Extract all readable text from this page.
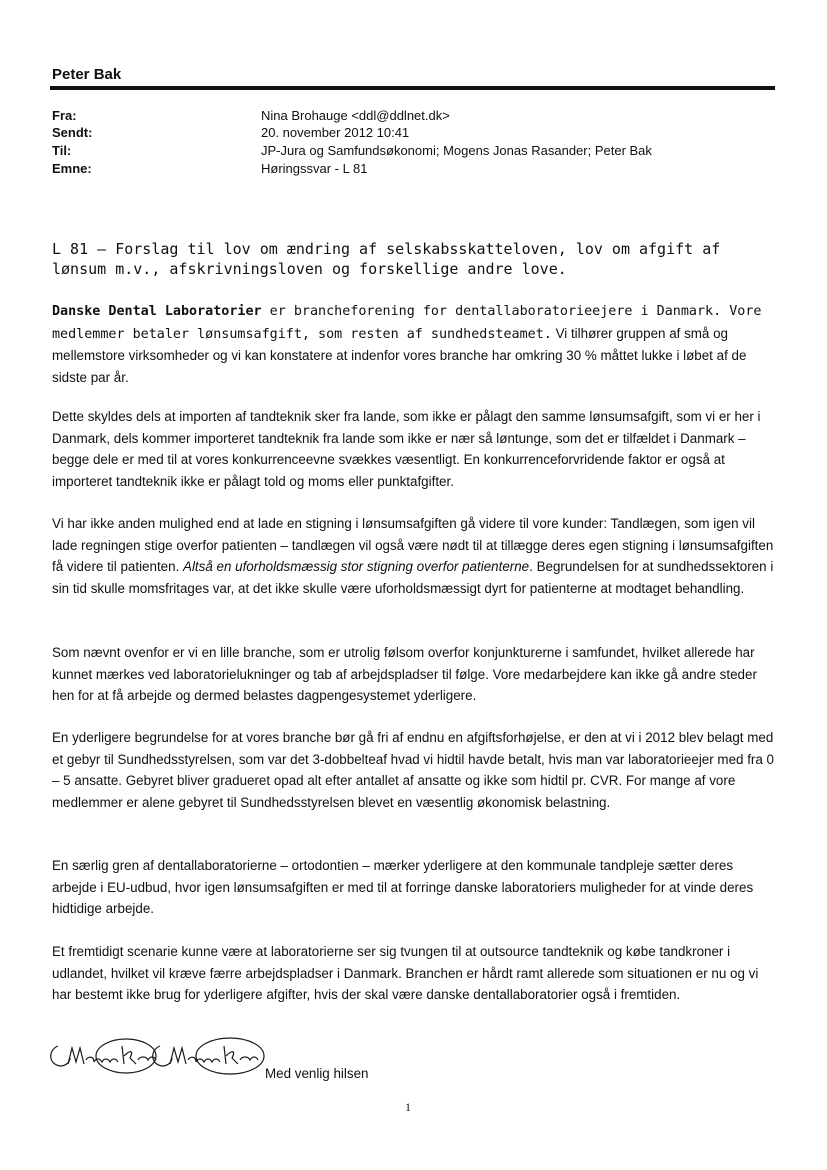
Peter Bak
Fra:	Nina Brohauge <ddl@ddlnet.dk>
Sendt:	20. november 2012 10:41
Til:	JP-Jura og Samfundsøkonomi; Mogens Jonas Rasander; Peter Bak
Emne:	Høringssvar - L 81
L 81 – Forslag til lov om ændring af selskabsskatteloven, lov om afgift af lønsum m.v., afskrivningsloven og forskellige andre love.
Danske Dental Laboratorier er brancheforening for dentallaboratorieejere i Danmark. Vore medlemmer betaler lønsumsafgift, som resten af sundhedsteamet. Vi tilhører gruppen af små og mellemstore virksomheder og vi kan konstatere at indenfor vores branche har omkring 30 % måttet lukke i løbet af de sidste par år.
Dette skyldes dels at importen af tandteknik sker fra lande, som ikke er pålagt den samme lønsumsafgift, som vi er her i Danmark, dels kommer importeret tandteknik fra lande som ikke er nær så løntunge, som det er tilfældet i Danmark – begge dele er med til at vores konkurrenceevne svækkes væsentligt. En konkurrenceforvridende faktor er også at importeret tandteknik ikke er pålagt told og moms eller punktafgifter.
Vi har ikke anden mulighed end at lade en stigning i lønsumsafgiften gå videre til vore kunder: Tandlægen, som igen vil lade regningen stige overfor patienten – tandlægen vil også være nødt til at tillægge deres egen stigning i lønsumsafgiften få videre til patienten. Altså en uforholdsmæssig stor stigning overfor patienterne. Begrundelsen for at sundhedssektoren i sin tid skulle momsfritages var, at det ikke skulle være uforholdsmæssigt dyrt for patienterne at modtaget behandling.
Som nævnt ovenfor er vi en lille branche, som er utrolig følsom overfor konjunkturerne i samfundet, hvilket allerede har kunnet mærkes ved laboratorielukninger og tab af arbejdspladser til følge. Vore medarbejdere kan ikke gå andre steder hen for at få arbejde og dermed belastes dagpengesystemet yderligere.
En yderligere begrundelse for at vores branche bør gå fri af endnu en afgiftsforhøjelse, er den at vi i 2012 blev belagt med et gebyr til Sundhedsstyrelsen, som var det 3-dobbelteaf hvad vi hidtil havde betalt, hvis man var laboratorieejer med fra 0 – 5 ansatte. Gebyret bliver gradueret opad alt efter antallet af ansatte og ikke som hidtil pr. CVR. For mange af vore medlemmer er alene gebyret til Sundhedsstyrelsen blevet en væsentlig økonomisk belastning.
En særlig gren af dentallaboratorierne – ortodontien – mærker yderligere at den kommunale tandpleje sætter deres arbejde i EU-udbud, hvor igen lønsumsafgiften er med til at forringe danske laboratoriers muligheder for at vinde deres hidtidige arbejde.
Et fremtidigt scenarie kunne være at laboratorierne ser sig tvungen til at outsource tandteknik og købe tandkroner i udlandet, hvilket vil kræve færre arbejdspladser i Danmark. Branchen er hårdt ramt allerede som situationen er nu og vi har bestemt ikke brug for yderligere afgifter, hvis der skal være danske dentallaboratorier også i fremtiden.
Med venlig hilsen
1
